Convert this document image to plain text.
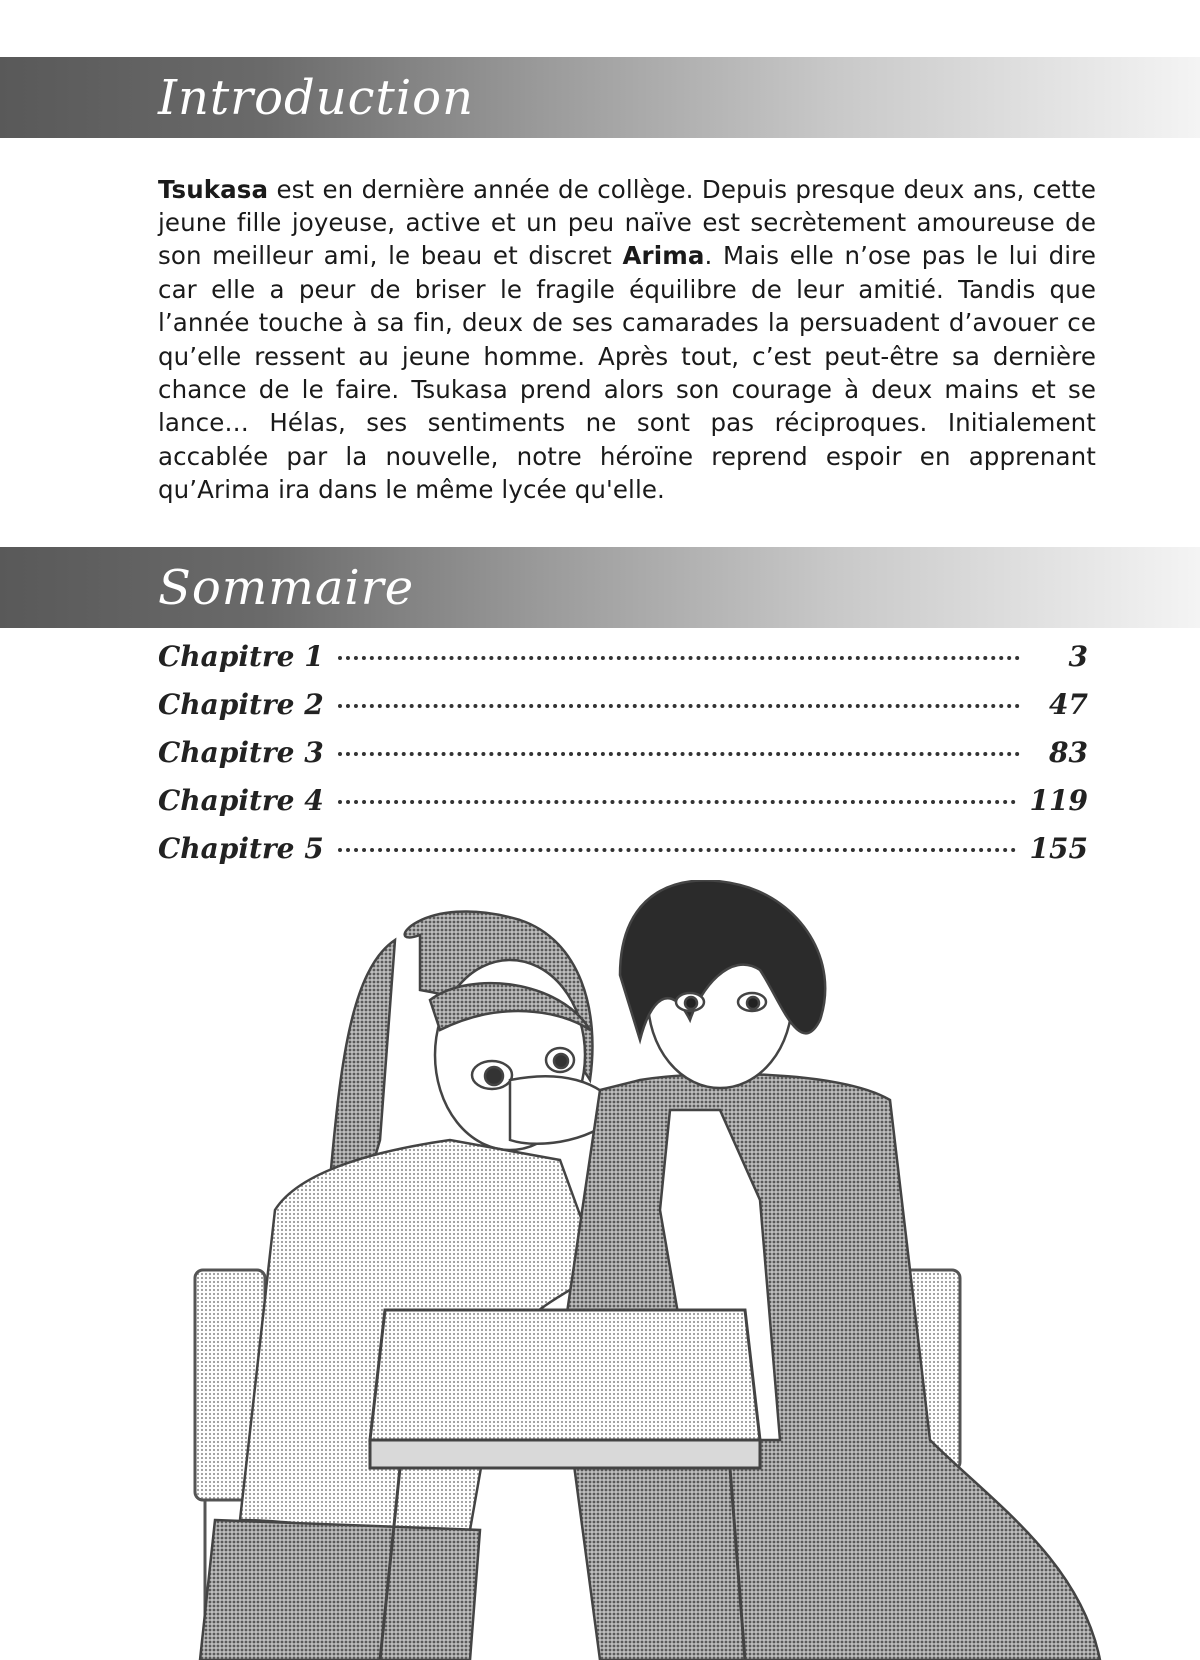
Introduction

Tsukasa est en dernière année de collège. Depuis presque deux ans, cette jeune fille joyeuse, active et un peu naïve est secrètement amoureuse de son meilleur ami, le beau et discret Arima. Mais elle n’ose pas le lui dire car elle a peur de briser le fragile équilibre de leur amitié. Tandis que l’année touche à sa fin, deux de ses camarades la persuadent d’avouer ce qu’elle ressent au jeune homme. Après tout, c’est peut-être sa dernière chance de le faire. Tsukasa prend alors son courage à deux mains et se lance… Hélas, ses sentiments ne sont pas réciproques. Initialement accablée par la nouvelle, notre héroïne reprend espoir en apprenant qu’Arima ira dans le même lycée qu'elle.

Sommaire
Chapitre 1	3
Chapitre 2	47
Chapitre 3	83
Chapitre 4	119
Chapitre 5	155
